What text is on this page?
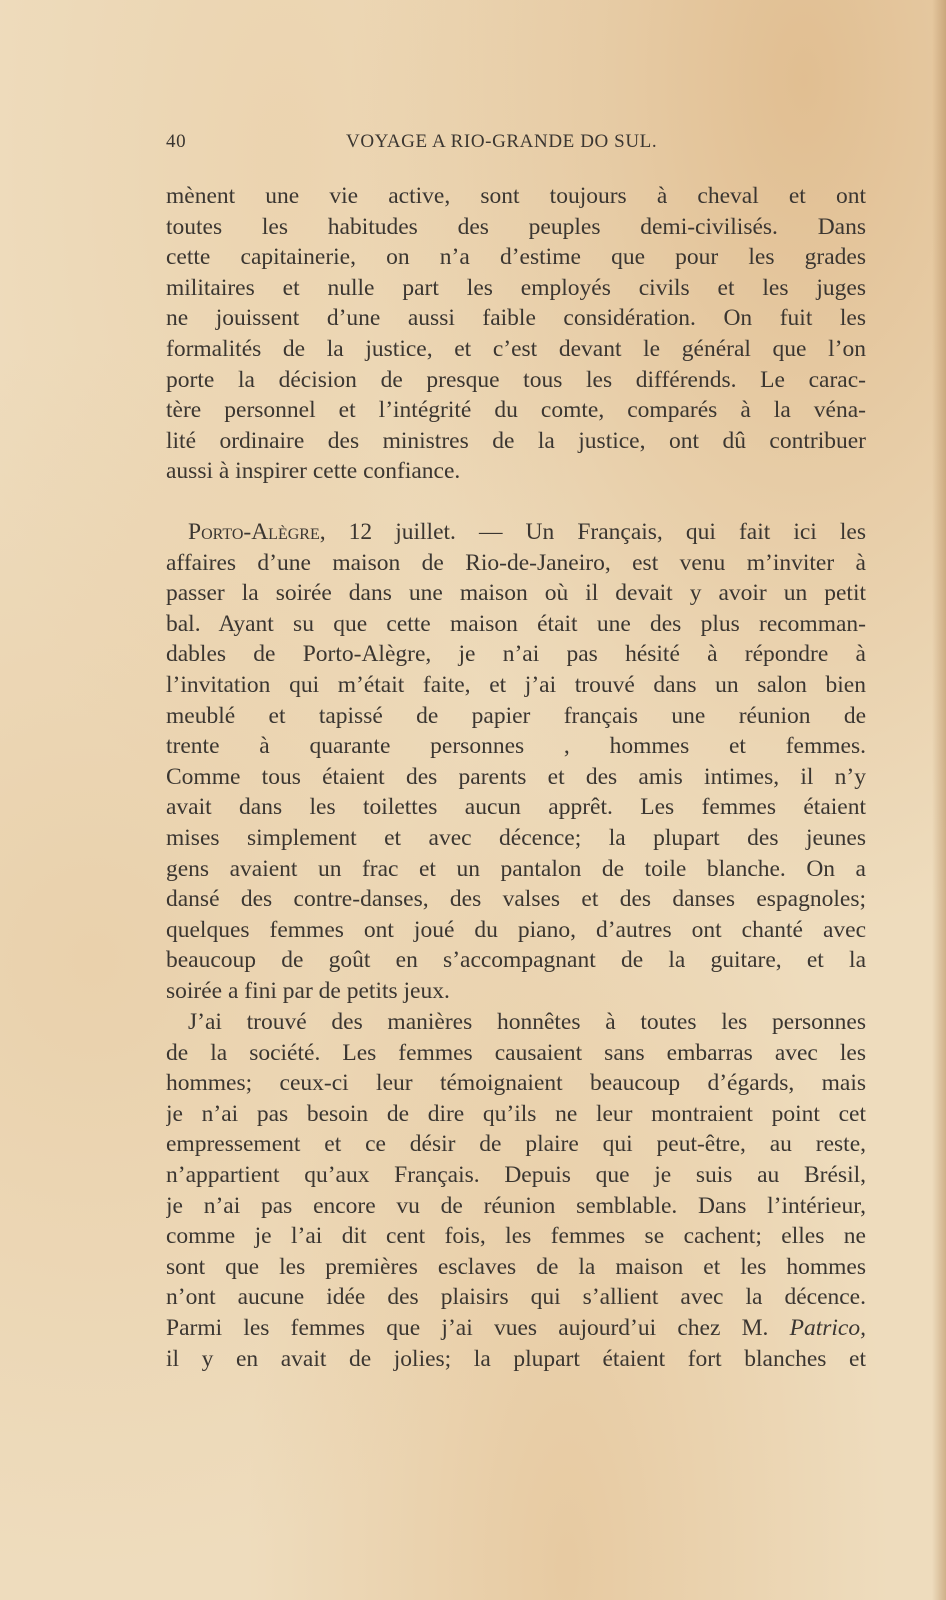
40	VOYAGE A RIO-GRANDE DO SUL.
mènent une vie active, sont toujours à cheval et ont
toutes les habitudes des peuples demi-civilisés. Dans
cette capitainerie, on n’a d’estime que pour les grades
militaires et nulle part les employés civils et les juges
ne jouissent d’une aussi faible considération. On fuit les
formalités de la justice, et c’est devant le général que l’on
porte la décision de presque tous les différends. Le carac-
tère personnel et l’intégrité du comte, comparés à la véna-
lité ordinaire des ministres de la justice, ont dû contribuer
aussi à inspirer cette confiance.
Porto-Alègre, 12 juillet. — Un Français, qui fait ici les
affaires d’une maison de Rio-de-Janeiro, est venu m’inviter à
passer la soirée dans une maison où il devait y avoir un petit
bal. Ayant su que cette maison était une des plus recomman-
dables de Porto-Alègre, je n’ai pas hésité à répondre à
l’invitation qui m’était faite, et j’ai trouvé dans un salon bien
meublé et tapissé de papier français une réunion de
trente à quarante personnes , hommes et femmes.
Comme tous étaient des parents et des amis intimes, il n’y
avait dans les toilettes aucun apprêt. Les femmes étaient
mises simplement et avec décence; la plupart des jeunes
gens avaient un frac et un pantalon de toile blanche. On a
dansé des contre-danses, des valses et des danses espagnoles;
quelques femmes ont joué du piano, d’autres ont chanté avec
beaucoup de goût en s’accompagnant de la guitare, et la
soirée a fini par de petits jeux.
J’ai trouvé des manières honnêtes à toutes les personnes
de la société. Les femmes causaient sans embarras avec les
hommes; ceux-ci leur témoignaient beaucoup d’égards, mais
je n’ai pas besoin de dire qu’ils ne leur montraient point cet
empressement et ce désir de plaire qui peut-être, au reste,
n’appartient qu’aux Français. Depuis que je suis au Brésil,
je n’ai pas encore vu de réunion semblable. Dans l’intérieur,
comme je l’ai dit cent fois, les femmes se cachent; elles ne
sont que les premières esclaves de la maison et les hommes
n’ont aucune idée des plaisirs qui s’allient avec la décence.
Parmi les femmes que j’ai vues aujourd’ui chez M. Patrico,
il y en avait de jolies; la plupart étaient fort blanches et
